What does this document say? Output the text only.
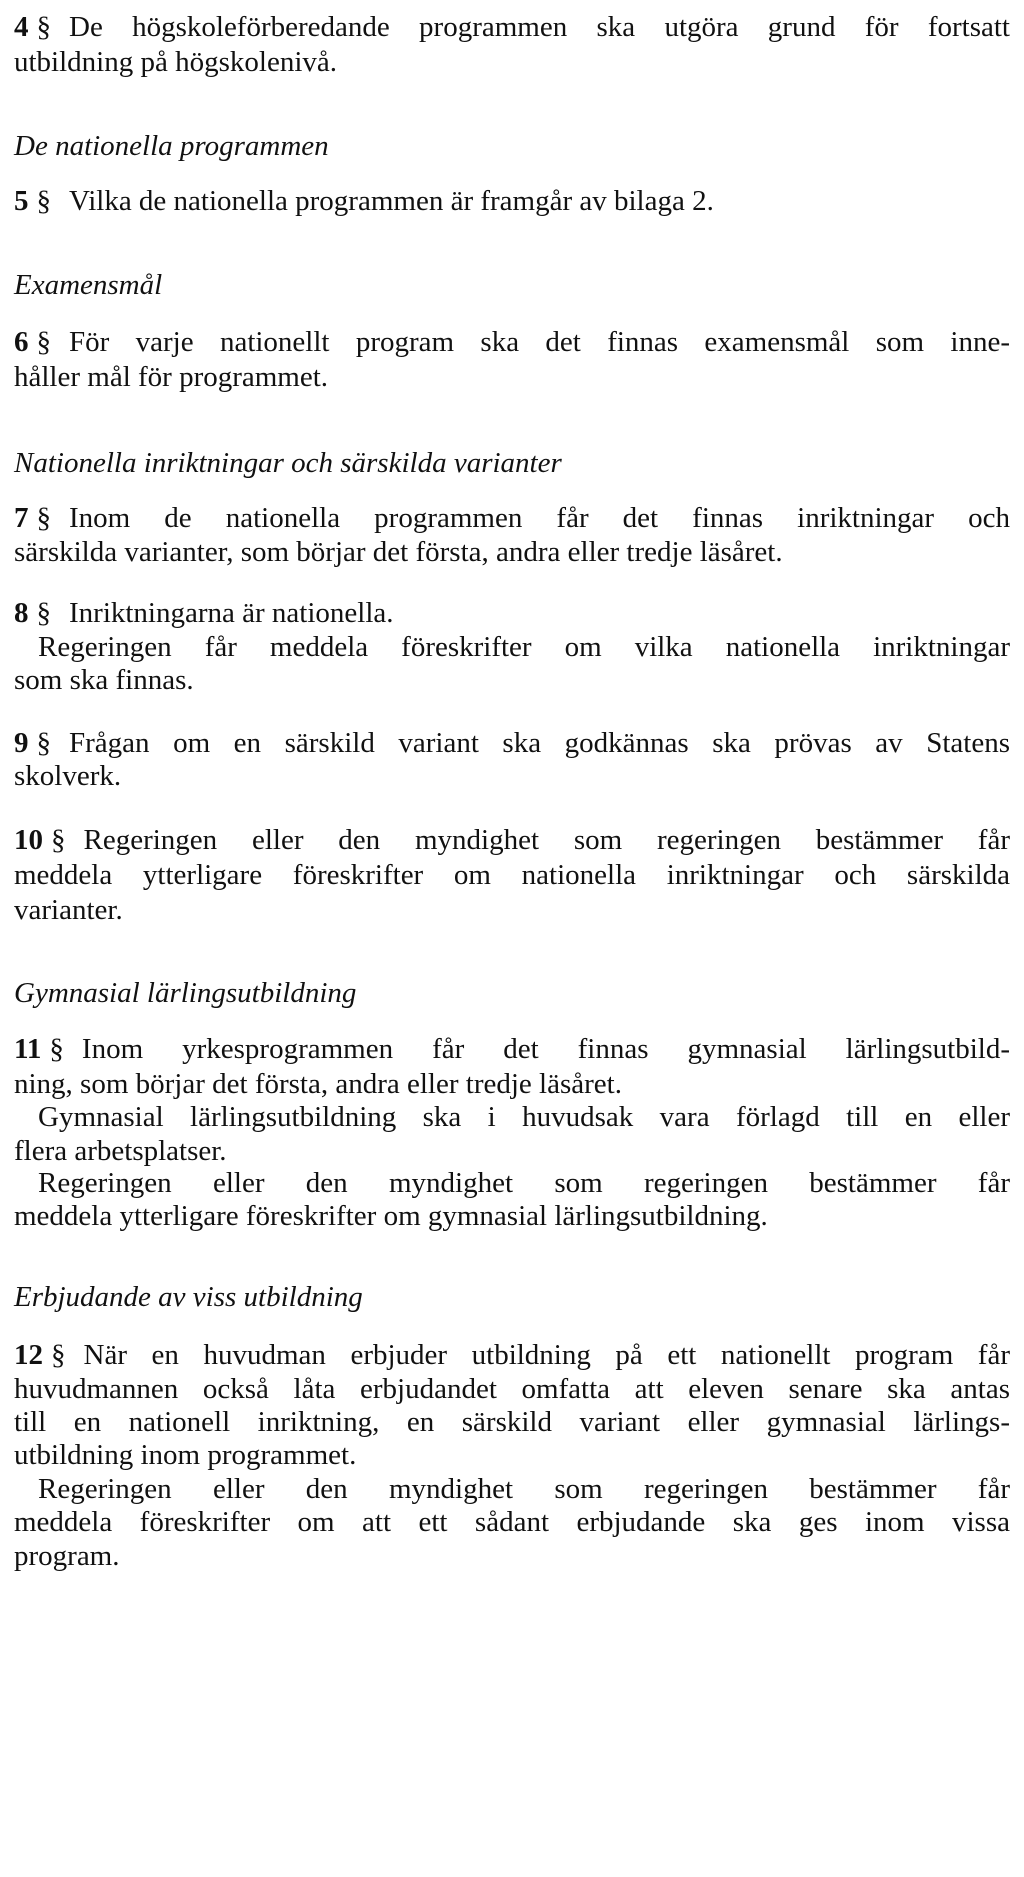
4 § De högskoleförberedande programmen ska utgöra grund för fortsatt
utbildning på högskolenivå.
De nationella programmen
5 § Vilka de nationella programmen är framgår av bilaga 2.
Examensmål
6 § För varje nationellt program ska det finnas examensmål som inne-
håller mål för programmet.
Nationella inriktningar och särskilda varianter
7 § Inom de nationella programmen får det finnas inriktningar och
särskilda varianter, som börjar det första, andra eller tredje läsåret.
8 § Inriktningarna är nationella.
Regeringen får meddela föreskrifter om vilka nationella inriktningar
som ska finnas.
9 § Frågan om en särskild variant ska godkännas ska prövas av Statens
skolverk.
10 § Regeringen eller den myndighet som regeringen bestämmer får
meddela ytterligare föreskrifter om nationella inriktningar och särskilda
varianter.
Gymnasial lärlingsutbildning
11 § Inom yrkesprogrammen får det finnas gymnasial lärlingsutbild-
ning, som börjar det första, andra eller tredje läsåret.
Gymnasial lärlingsutbildning ska i huvudsak vara förlagd till en eller
flera arbetsplatser.
Regeringen eller den myndighet som regeringen bestämmer får
meddela ytterligare föreskrifter om gymnasial lärlingsutbildning.
Erbjudande av viss utbildning
12 § När en huvudman erbjuder utbildning på ett nationellt program får
huvudmannen också låta erbjudandet omfatta att eleven senare ska antas
till en nationell inriktning, en särskild variant eller gymnasial lärlings-
utbildning inom programmet.
Regeringen eller den myndighet som regeringen bestämmer får
meddela föreskrifter om att ett sådant erbjudande ska ges inom vissa
program.
